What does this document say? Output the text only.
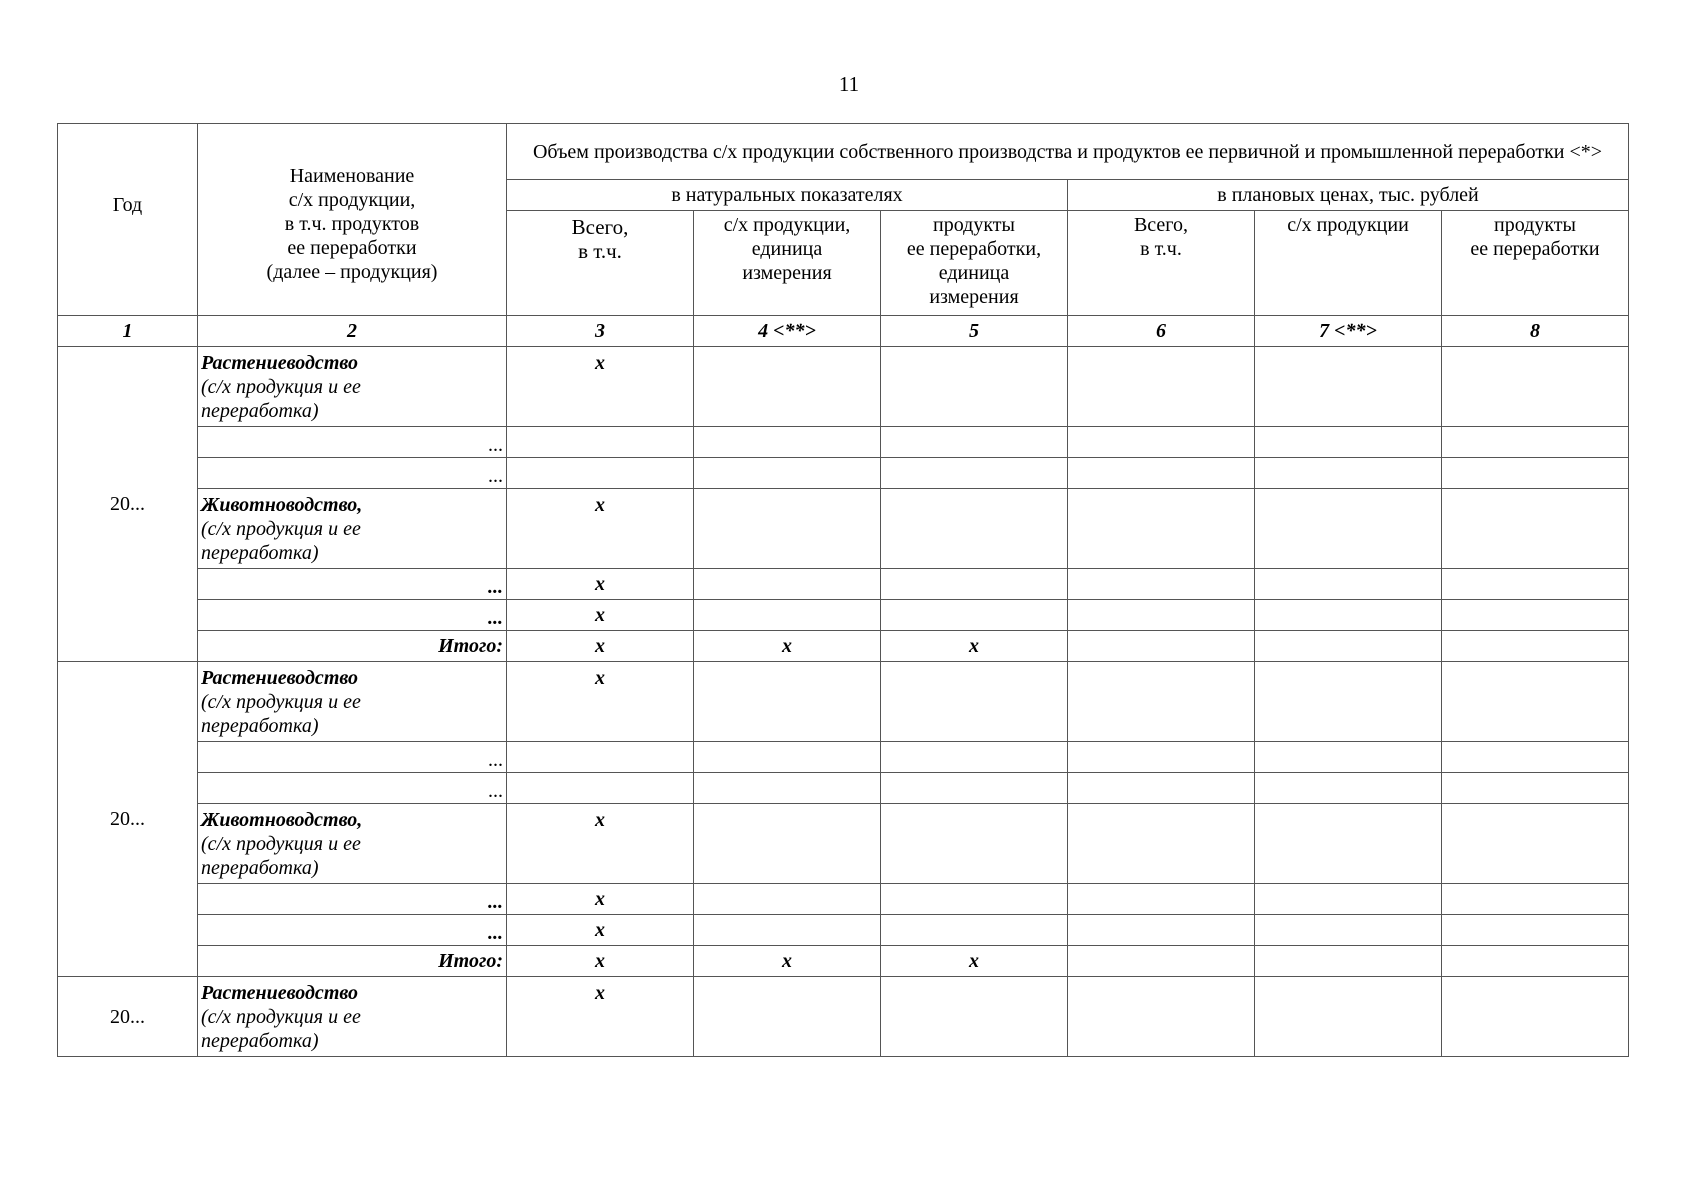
11
Год	Наименование
с/х продукции,
в т.ч. продуктов
ее переработки
(далее – продукция)	Объем производства с/х продукции собственного производства и продуктов ее первичной и промышленной переработки <*>					
		в натуральных показателях			в плановых ценах, тыс. рублей		
		Всего,
в т.ч.	с/х продукции,
единица
измерения	продукты
ее переработки,
единица
измерения	Всего,
в т.ч.	с/х продукции	продукты
ее переработки
1	2	3	4 <**>	5	6	7 <**>	8
20...	Растениеводство
(с/х продукция и ее
переработка)	x					
	...						
	...						

	Животноводство,
(с/х продукция и ее
переработка)	x					
	...	x					
	...	x					
	Итого:	x	x	x			
20...	Растениеводство
(с/х продукция и ее
переработка)	x					
	...						
	...						

	Животноводство,
(с/х продукция и ее
переработка)	x					
	...	x					
	...	x					
	Итого:	x	x	x			
20...	Растениеводство
(с/х продукция и ее
переработка)	x					
